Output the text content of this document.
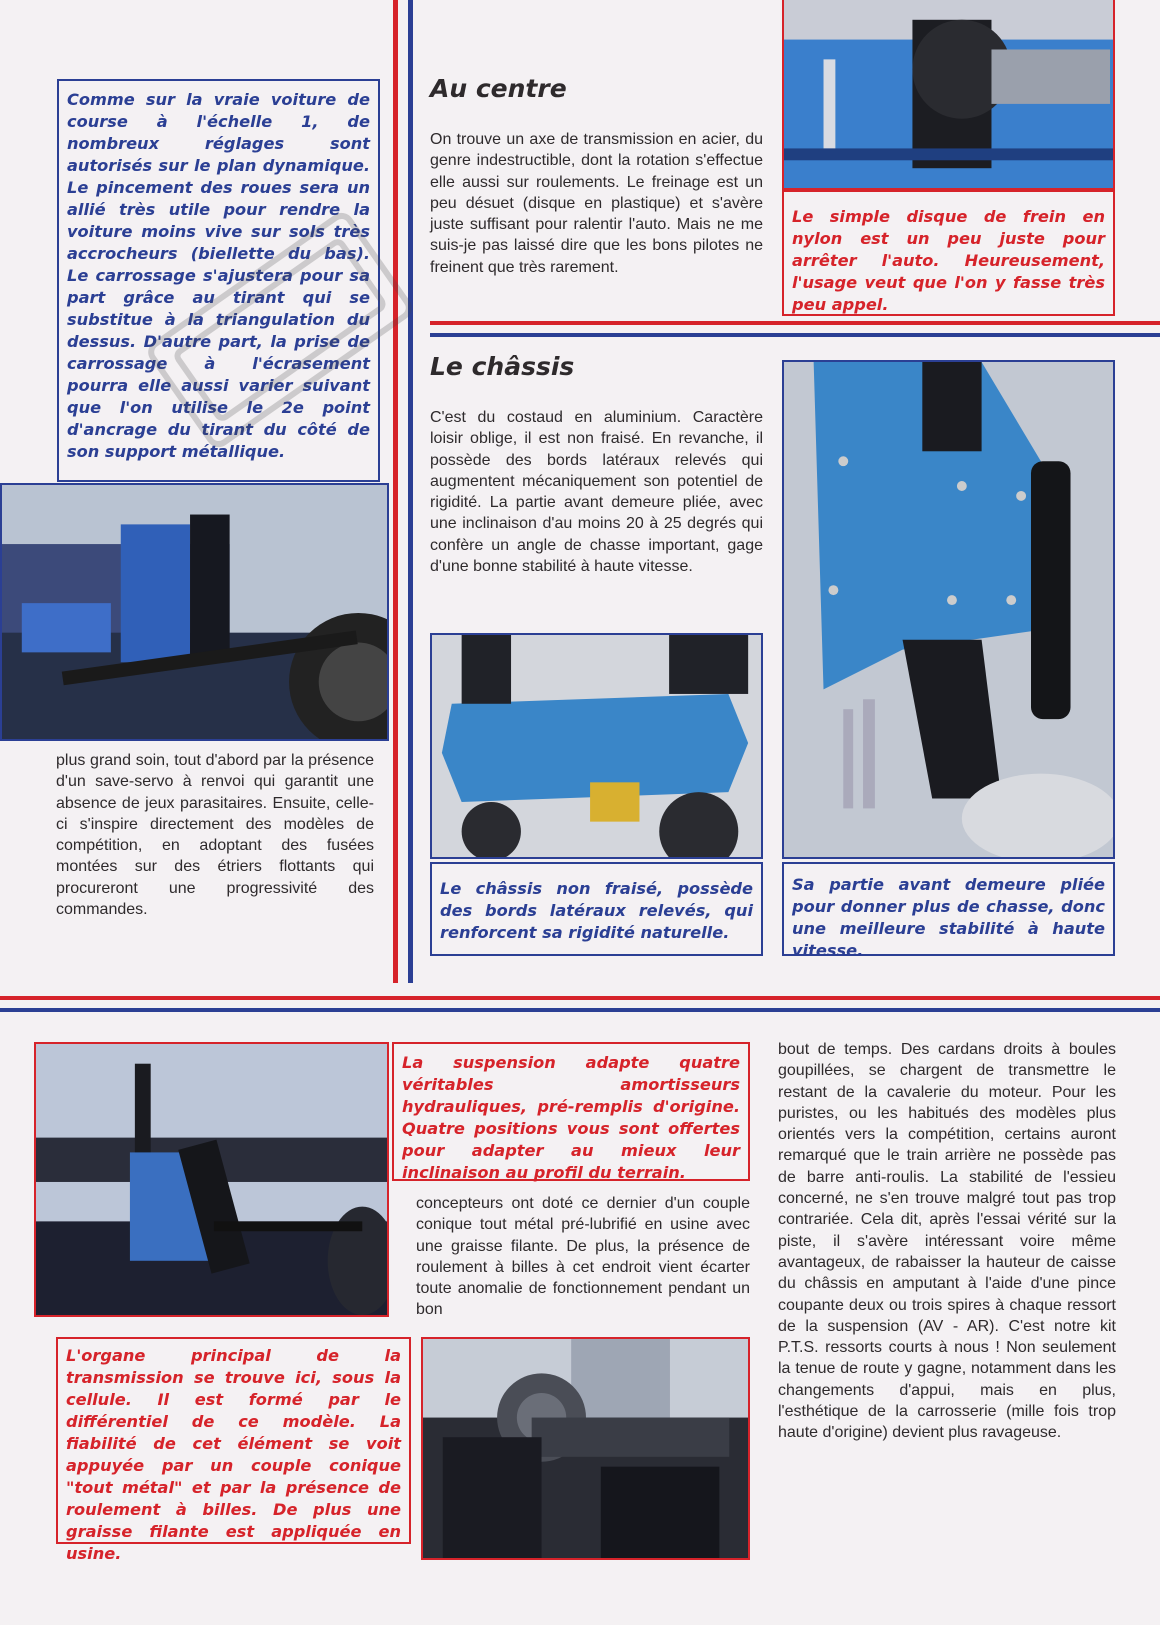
Comme sur la vraie voiture de course à l'échelle 1, de nombreux réglages sont autorisés sur le plan dynamique. Le pincement des roues sera un allié très utile pour rendre la voiture moins vive sur sols très accrocheurs (biellette du bas). Le carrossage s'ajustera pour sa part grâce au tirant qui se substitue à la triangulation du dessus. D'autre part, la prise de carrossage à l'écrasement pourra elle aussi varier suivant que l'on utilise le 2e point d'ancrage du tirant du côté de son support métallique.
plus grand soin, tout d'abord par la présence d'un save-servo à renvoi qui garantit une absence de jeux parasitaires. Ensuite, celle-ci s'inspire directement des modèles de compétition, en adoptant des fusées montées sur des étriers flottants qui procureront une progressivité des commandes.
Au centre
On trouve un axe de transmission en acier, du genre indestructible, dont la rotation s'effectue elle aussi sur roulements. Le freinage est un peu désuet (disque en plastique) et s'avère juste suffisant pour ralentir l'auto. Mais ne me suis-je pas laissé dire que les bons pilotes ne freinent que très rarement.
Le simple disque de frein en nylon est un peu juste pour arrêter l'auto. Heureusement, l'usage veut que l'on y fasse très peu appel.
Le châssis
C'est du costaud en aluminium. Caractère loisir oblige, il est non fraisé. En revanche, il possède des bords latéraux relevés qui augmentent mécaniquement son potentiel de rigidité. La partie avant demeure pliée, avec une inclinaison d'au moins 20 à 25 degrés qui confère un angle de chasse important, gage d'une bonne stabilité à haute vitesse.
Le châssis non fraisé, possède des bords latéraux relevés, qui renforcent sa rigidité naturelle.
Sa partie avant demeure pliée pour donner plus de chasse, donc une meilleure stabilité à haute vitesse.
La suspension adapte quatre véritables amortisseurs hydrauliques, pré-remplis d'origine. Quatre positions vous sont offertes pour adapter au mieux leur inclinaison au profil du terrain.
concepteurs ont doté ce dernier d'un couple conique tout métal pré-lubrifié en usine avec une graisse filante. De plus, la présence de roulement à billes à cet endroit vient écarter toute anomalie de fonctionnement pendant un bon
L'organe principal de la transmission se trouve ici, sous la cellule. Il est formé par le différentiel de ce modèle. La fiabilité de cet élément se voit appuyée par un couple conique "tout métal" et par la présence de roulement à billes. De plus une graisse filante est appliquée en usine.
bout de temps. Des cardans droits à boules goupillées, se chargent de transmettre le restant de la cavalerie du moteur. Pour les puristes, ou les habitués des modèles plus orientés vers la compétition, certains auront remarqué que le train arrière ne possède pas de barre anti-roulis. La stabilité de l'essieu concerné, ne s'en trouve malgré tout pas trop contrariée. Cela dit, après l'essai vérité sur la piste, il s'avère intéressant voire même avantageux, de rabaisser la hauteur de caisse du châssis en amputant à l'aide d'une pince coupante deux ou trois spires à chaque ressort de la suspension (AV - AR). C'est notre kit P.T.S. ressorts courts à nous ! Non seulement la tenue de route y gagne, notamment dans les changements d'appui, mais en plus, l'esthétique de la carrosserie (mille fois trop haute d'origine) devient plus ravageuse.
